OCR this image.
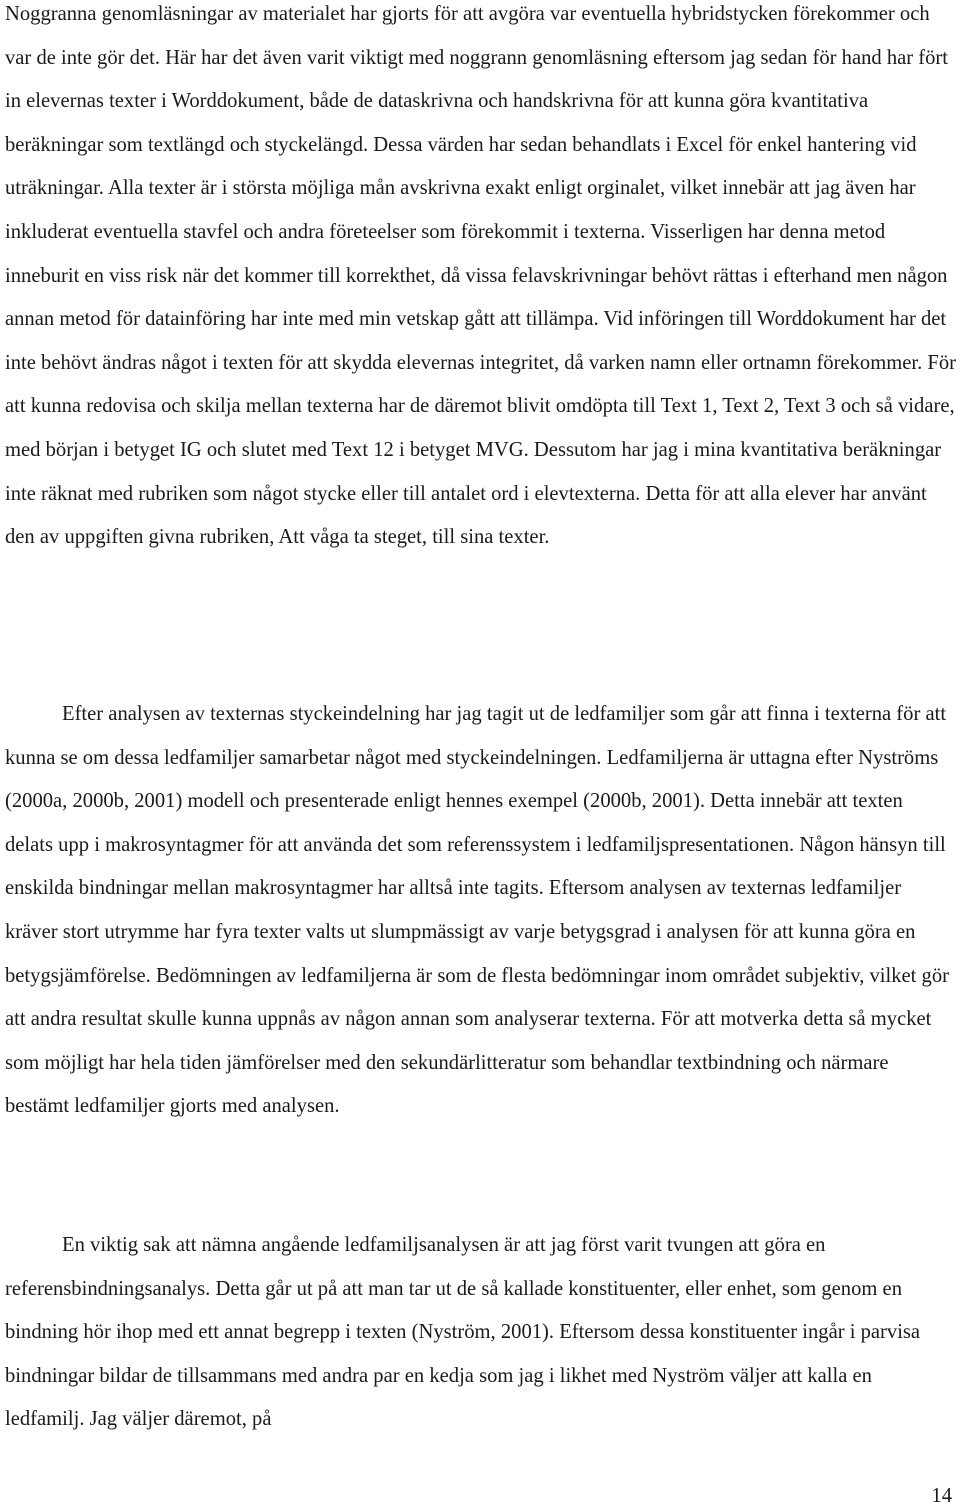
Noggranna genomläsningar av materialet har gjorts för att avgöra var eventuella hybridstycken förekommer och var de inte gör det. Här har det även varit viktigt med noggrann genomläsning eftersom jag sedan för hand har fört in elevernas texter i Worddokument, både de dataskrivna och handskrivna för att kunna göra kvantitativa beräkningar som textlängd och styckelängd. Dessa värden har sedan behandlats i Excel för enkel hantering vid uträkningar. Alla texter är i största möjliga mån avskrivna exakt enligt orginalet, vilket innebär att jag även har inkluderat eventuella stavfel och andra företeelser som förekommit i texterna. Visserligen har denna metod inneburit en viss risk när det kommer till korrekthet, då vissa felavskrivningar behövt rättas i efterhand men någon annan metod för datainföring har inte med min vetskap gått att tillämpa. Vid införingen till Worddokument har det inte behövt ändras något i texten för att skydda elevernas integritet, då varken namn eller ortnamn förekommer. För att kunna redovisa och skilja mellan texterna har de däremot blivit omdöpta till Text 1, Text 2, Text 3 och så vidare, med början i betyget IG och slutet med Text 12 i betyget MVG. Dessutom har jag i mina kvantitativa beräkningar inte räknat med rubriken som något stycke eller till antalet ord i elevtexterna. Detta för att alla elever har använt den av uppgiften givna rubriken, Att våga ta steget, till sina texter.

Efter analysen av texternas styckeindelning har jag tagit ut de ledfamiljer som går att finna i texterna för att kunna se om dessa ledfamiljer samarbetar något med styckeindelningen. Ledfamiljerna är uttagna efter Nyströms (2000a, 2000b, 2001) modell och presenterade enligt hennes exempel (2000b, 2001). Detta innebär att texten delats upp i makrosyntagmer för att använda det som referenssystem i ledfamiljspresentationen. Någon hänsyn till enskilda bindningar mellan makrosyntagmer har alltså inte tagits. Eftersom analysen av texternas ledfamiljer kräver stort utrymme har fyra texter valts ut slumpmässigt av varje betygsgrad i analysen för att kunna göra en betygsjämförelse. Bedömningen av ledfamiljerna är som de flesta bedömningar inom området subjektiv, vilket gör att andra resultat skulle kunna uppnås av någon annan som analyserar texterna. För att motverka detta så mycket som möjligt har hela tiden jämförelser med den sekundärlitteratur som behandlar textbindning och närmare bestämt ledfamiljer gjorts med analysen.

En viktig sak att nämna angående ledfamiljsanalysen är att jag först varit tvungen att göra en referensbindningsanalys. Detta går ut på att man tar ut de så kallade konstituenter, eller enhet, som genom en bindning hör ihop med ett annat begrepp i texten (Nyström, 2001). Eftersom dessa konstituenter ingår i parvisa bindningar bildar de tillsammans med andra par en kedja som jag i likhet med Nyström väljer att kalla en ledfamilj. Jag väljer däremot, på

14
